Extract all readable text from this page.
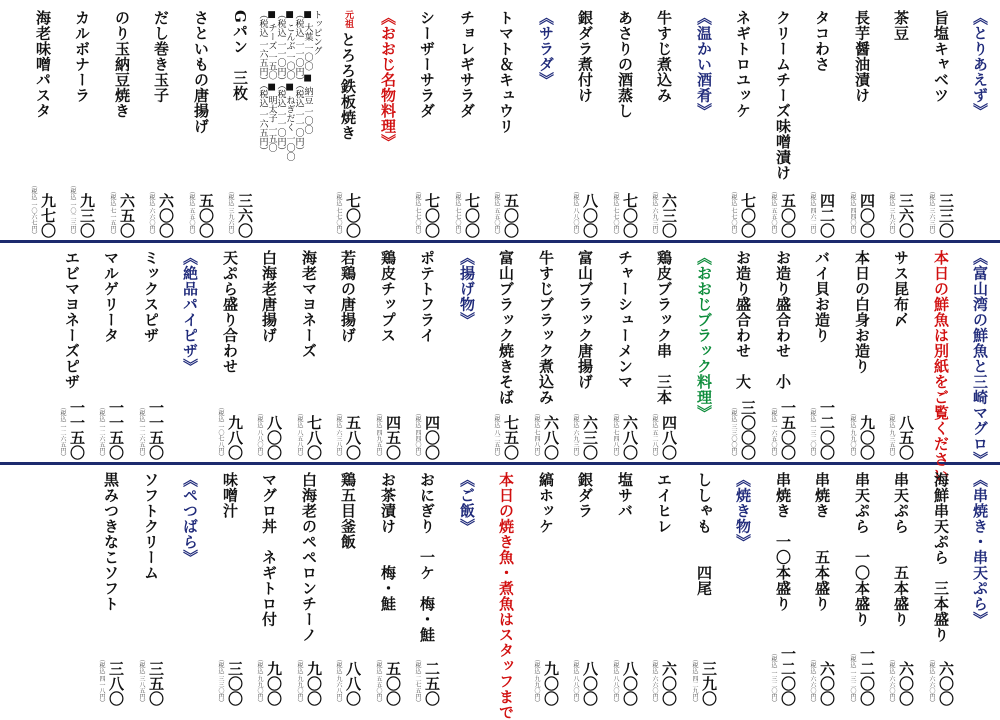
《とりあえず》
旨塩キャベツ
三三〇
（税込 三六三円）
茶豆
三六〇
（税込 三九六円）
長芋醤油漬け
四〇〇
（税込 四四〇円）
タコわさ
四二〇
（税込 四六二円）
クリームチーズ味噌漬け
五〇〇
（税込 五五〇円）
ネギトロユッケ
七〇〇
（税込 七七〇円）
《温かい酒肴》
牛すじ煮込み
六三〇
（税込 六九三円）
あさりの酒蒸し
七〇〇
（税込 七七〇円）
銀ダラ煮付け
八〇〇
（税込 八八〇円）
《サラダ》
トマト＆キュウリ
五〇〇
（税込 五五〇円）
チョレギサラダ
七〇〇
（税込 七七〇円）
シーザーサラダ
七〇〇
（税込 七七〇円）
《おおじ名物料理》
元祖
とろろ鉄板焼き
七〇〇
（税込 七七〇円）
トッピング
■ 大葉 一〇〇 ■ 納豆 一〇〇
（税込 一一〇円）（税込 一一〇円）
■ こんぶ 一〇〇 ■ ねぎだく 一〇〇
（税込 一一〇円）（税込 一一〇円）
■ チーズ 一五〇 ■ 明太子 一五〇
（税込 一六五円）（税込 一六五円）
Gパン　三枚
三六〇
（税込 三九六円）
さといもの唐揚げ
五〇〇
（税込 五五〇円）
だし巻き玉子
六〇〇
（税込 六六〇円）
のり玉納豆焼き
六五〇
（税込 七一五円）
カルボナーラ
九三〇
（税込 一〇二三円）
海老味噌パスタ
九七〇
（税込 一〇六七円）
《富山湾の鮮魚と三崎マグロ》
本日の鮮魚は別紙をご覧ください
サス昆布〆
八五〇
（税込 九三五円）
本日の白身お造り
九〇〇
（税込 九九〇円）
バイ貝お造り
一二〇〇
（税込 一三二〇円）
お造り盛合わせ　小
一五〇〇
（税込 一六五〇円）
お造り盛合わせ　大
三〇〇〇
（税込 三三〇〇円）
《おおじブラック料理》
鶏皮ブラック串　三本
四八〇
（税込 五二八円）
チャーシューメンマ
六八〇
（税込 七四八円）
富山ブラック唐揚げ
六三〇
（税込 六九三円）
牛すじブラック煮込み
六八〇
（税込 七四八円）
富山ブラック焼きそば
七五〇
（税込 八二五円）
《揚げ物》
ポテトフライ
四〇〇
（税込 四四〇円）
鶏皮チップス
四五〇
（税込 四九五円）
若鶏の唐揚げ
五八〇
（税込 六三八円）
海老マヨネーズ
七八〇
（税込 八五八円）
白海老唐揚げ
八〇〇
（税込 八八〇円）
天ぷら盛り合わせ
九八〇
（税込 一〇七八円）
《絶品パイピザ》
ミックスピザ
一一五〇
（税込 一二六五円）
マルゲリータ
一一五〇
（税込 一二六五円）
エビマヨネーズピザ
一一五〇
（税込 一二六五円）
《串焼き・串天ぷら》
海鮮串天ぷら　三本盛り
六〇〇
（税込 六六〇円）
串天ぷら　　五本盛り
六〇〇
（税込 六六〇円）
串天ぷら　一〇本盛り
一二〇〇
（税込 一三二〇円）
串焼き　　五本盛り
六〇〇
（税込 六六〇円）
串焼き　一〇本盛り
一二〇〇
（税込 一三二〇円）
《焼き物》
ししゃも　　四尾
三九〇
（税込 四二九円）
エイヒレ
六〇〇
（税込 六六〇円）
塩サバ
八〇〇
（税込 八八〇円）
銀ダラ
八〇〇
（税込 八八〇円）
縞ホッケ
九〇〇
（税込 九九〇円）
本日の焼き魚・煮魚はスタッフまで
《ご飯》
おにぎり　一ケ　梅・鮭
二五〇
（税込 二七五円）
お茶漬け　　梅・鮭
五〇〇
（税込 五五〇円）
鶏五目釜飯
八八〇
（税込 九六八円）
白海老のペペロンチーノ
九〇〇
（税込 九九〇円）
マグロ丼　ネギトロ付
九〇〇
（税込 九九〇円）
味噌汁
三〇〇
（税込 三三〇円）
《ペつばら》
ソフトクリーム
三五〇
（税込 三八五円）
黒みつきなこソフト
三八〇
（税込 四一八円）
